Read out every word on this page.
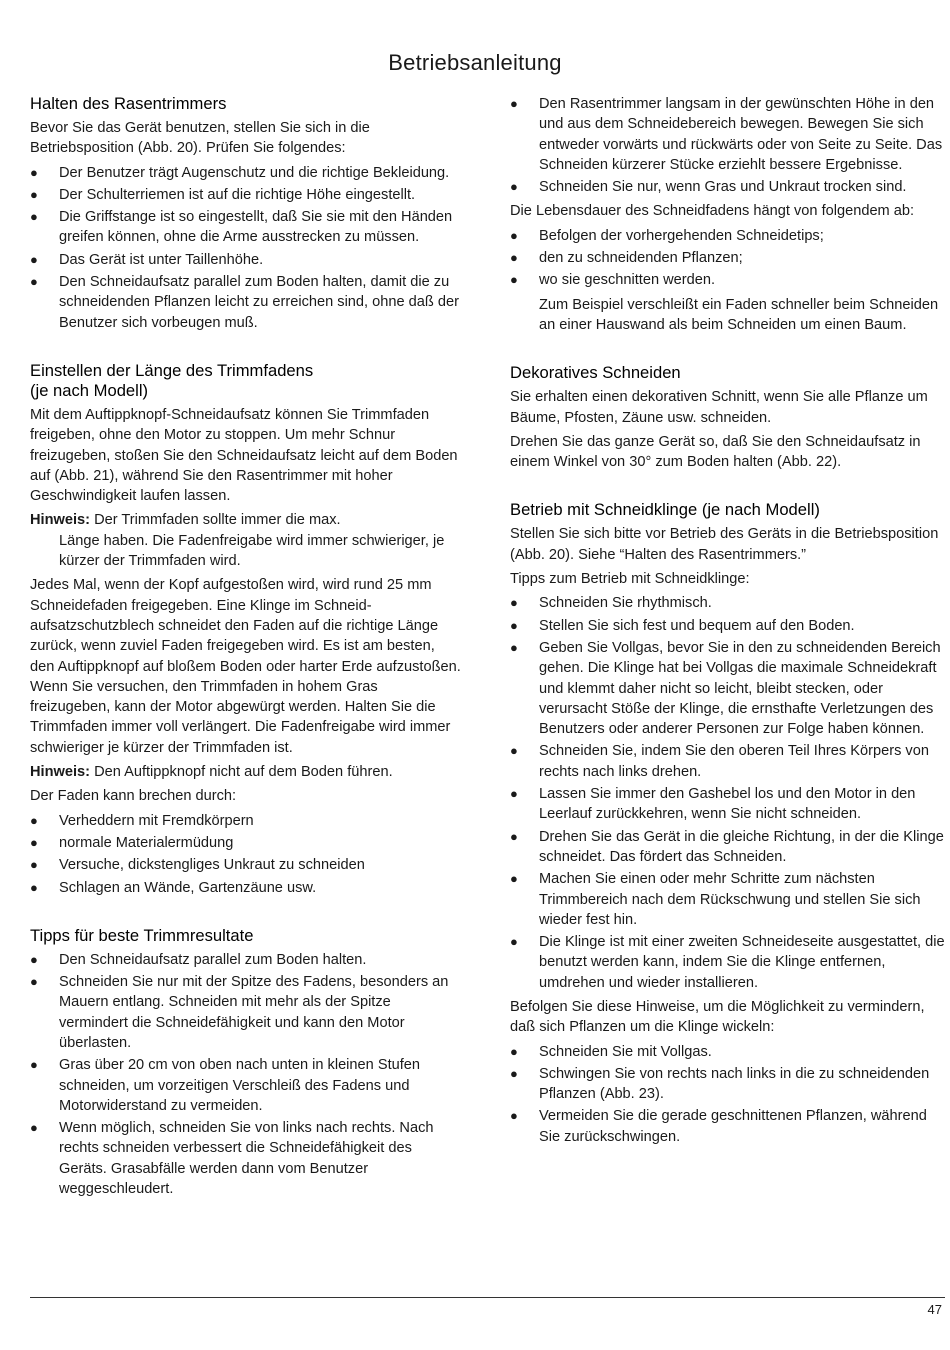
Betriebsanleitung
Halten des Rasentrimmers

Bevor Sie das Gerät benutzen, stellen Sie sich in die Betriebsposition (Abb. 20). Prüfen Sie folgendes:

● Der Benutzer trägt Augenschutz und die richtige Bekleidung.
● Der Schulterriemen ist auf die richtige Höhe eingestellt.
● Die Griffstange ist so eingestellt, daß Sie sie mit den Händen greifen können, ohne die Arme ausstrecken zu müssen.
● Das Gerät ist unter Taillenhöhe.
● Den Schneidaufsatz parallel zum Boden halten, damit die zu schneidenden Pflanzen leicht zu erreichen sind, ohne daß der Benutzer sich vorbeugen muß.
Einstellen der Länge des Trimmfadens
(je nach Modell)

Mit dem Auftippknopf-Schneidaufsatz können Sie Trimmfaden freigeben, ohne den Motor zu stoppen. Um mehr Schnur freizugeben, stoßen Sie den Schneidaufsatz leicht auf dem Boden auf (Abb. 21), während Sie den Rasentrimmer mit hoher Geschwindigkeit laufen lassen.

Hinweis: Der Trimmfaden sollte immer die max.

Länge haben. Die Fadenfreigabe wird immer schwieriger, je kürzer der Trimmfaden wird.

Jedes Mal, wenn der Kopf aufgestoßen wird, wird rund 25 mm Schneidefaden freigegeben. Eine Klinge im Schneidaufsatzschutzblech schneidet den Faden auf die richtige Länge zurück, wenn zuviel Faden freigegeben wird. Es ist am besten, den Auftippknopf auf bloßem Boden oder harter Erde aufzustoßen. Wenn Sie versuchen, den Trimmfaden in hohem Gras freizugeben, kann der Motor abgewürgt werden. Halten Sie die Trimmfaden immer voll verlängert. Die Fadenfreigabe wird immer schwieriger je kürzer der Trimmfaden ist.

Hinweis: Den Auftippknopf nicht auf dem Boden führen.

Der Faden kann brechen durch:

● Verheddern mit Fremdkörpern
● normale Materialermüdung
● Versuche, dickstengliges Unkraut zu schneiden
● Schlagen an Wände, Gartenzäune usw.
Tipps für beste Trimmresultate
● Den Schneidaufsatz parallel zum Boden halten.
● Schneiden Sie nur mit der Spitze des Fadens, besonders an Mauern entlang. Schneiden mit mehr als der Spitze vermindert die Schneidefähigkeit und kann den Motor überlasten.
● Gras über 20 cm von oben nach unten in kleinen Stufen schneiden, um vorzeitigen Verschleiß des Fadens und Motorwiderstand zu vermeiden.
● Wenn möglich, schneiden Sie von links nach rechts. Nach rechts schneiden verbessert die Schneidefähigkeit des Geräts. Grasabfälle werden dann vom Benutzer weggeschleudert.
● Den Rasentrimmer langsam in der gewünschten Höhe in den und aus dem Schneidebereich bewegen. Bewegen Sie sich entweder vorwärts und rückwärts oder von Seite zu Seite. Das Schneiden kürzerer Stücke erziehlt bessere Ergebnisse.
● Schneiden Sie nur, wenn Gras und Unkraut trocken sind.

Die Lebensdauer des Schneidfadens hängt von folgendem ab:

● Befolgen der vorhergehenden Schneidetips;
● den zu schneidenden Pflanzen;
● wo sie geschnitten werden.

Zum Beispiel verschleißt ein Faden schneller beim Schneiden an einer Hauswand als beim Schneiden um einen Baum.

Dekoratives Schneiden

Sie erhalten einen dekorativen Schnitt, wenn Sie alle Pflanze um Bäume, Pfosten, Zäune usw. schneiden.

Drehen Sie das ganze Gerät so, daß Sie den Schneidaufsatz in einem Winkel von 30° zum Boden halten (Abb. 22).

Betrieb mit Schneidklinge (je nach Modell)

Stellen Sie sich bitte vor Betrieb des Geräts in die Betriebsposition (Abb. 20). Siehe “Halten des Rasentrimmers.”

Tipps zum Betrieb mit Schneidklinge:

● Schneiden Sie rhythmisch.
● Stellen Sie sich fest und bequem auf den Boden.
● Geben Sie Vollgas, bevor Sie in den zu schneidenden Bereich gehen. Die Klinge hat bei Vollgas die maximale Schneidekraft und klemmt daher nicht so leicht, bleibt stecken, oder verursacht Stöße der Klinge, die ernsthafte Verletzungen des Benutzers oder anderer Personen zur Folge haben können.
● Schneiden Sie, indem Sie den oberen Teil Ihres Körpers von rechts nach links drehen.
● Lassen Sie immer den Gashebel los und den Motor in den Leerlauf zurückkehren, wenn Sie nicht schneiden.
● Drehen Sie das Gerät in die gleiche Richtung, in der die Klinge schneidet. Das fördert das Schneiden.
● Machen Sie einen oder mehr Schritte zum nächsten Trimmbereich nach dem Rückschwung und stellen Sie sich wieder fest hin.
● Die Klinge ist mit einer zweiten Schneideseite ausgestattet, die benutzt werden kann, indem Sie die Klinge entfernen, umdrehen und wieder installieren.

Befolgen Sie diese Hinweise, um die Möglichkeit zu vermindern, daß sich Pflanzen um die Klinge wickeln:

● Schneiden Sie mit Vollgas.
● Schwingen Sie von rechts nach links in die zu schneidenden Pflanzen (Abb. 23).
● Vermeiden Sie die gerade geschnittenen Pflanzen, während Sie zurückschwingen.
47
